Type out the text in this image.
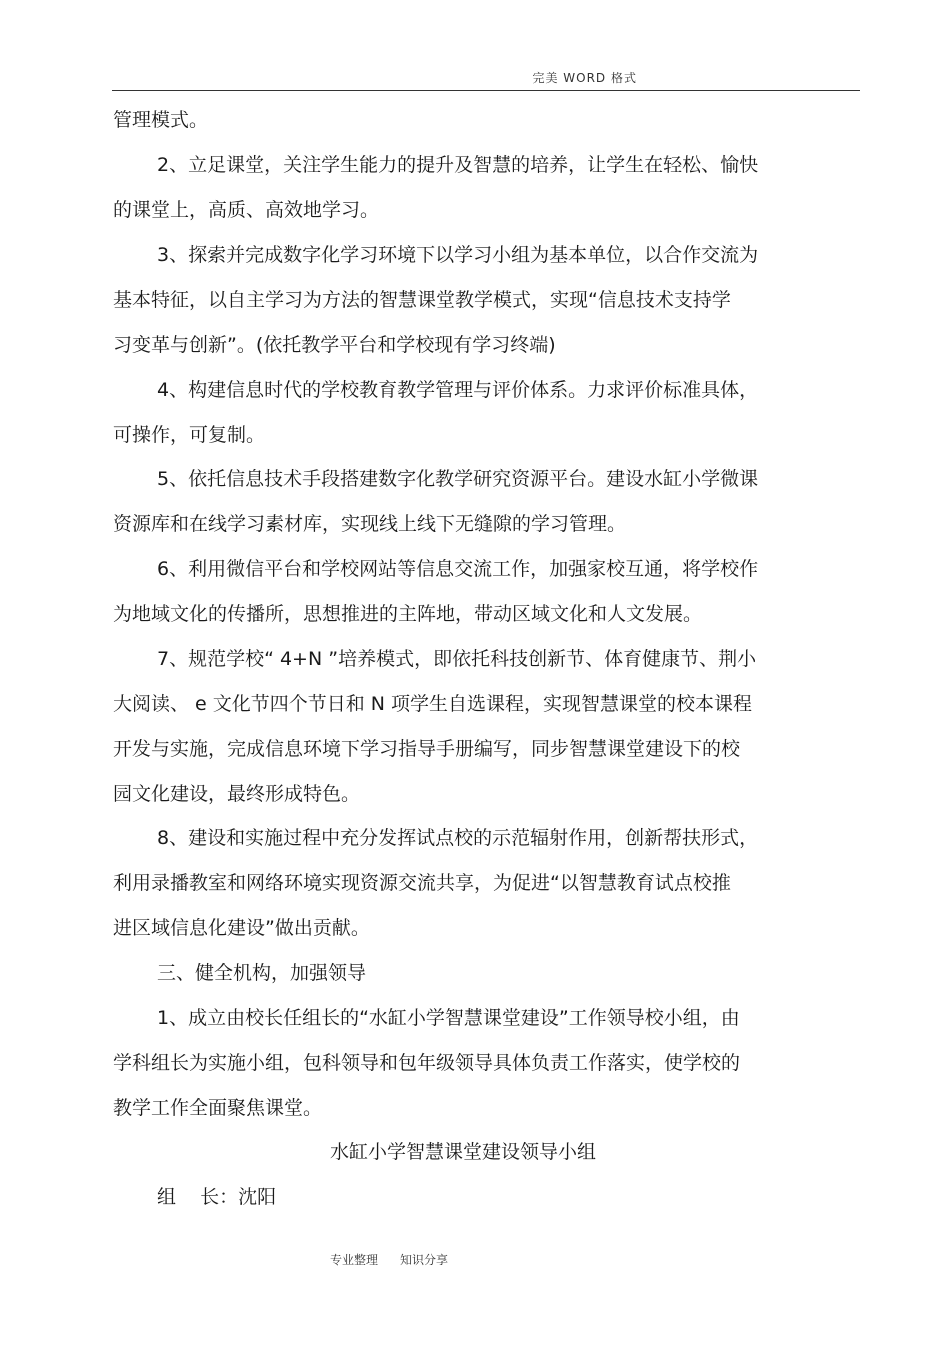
完美 WORD 格式
管理模式。
2、立足课堂，关注学生能力的提升及智慧的培养，让学生在轻松、愉快
的课堂上，高质、高效地学习。
3、探索并完成数字化学习环境下以学习小组为基本单位，以合作交流为
基本特征，以自主学习为方法的智慧课堂教学模式，实现“信息技术支持学
习变革与创新”。(依托教学平台和学校现有学习终端)
4、构建信息时代的学校教育教学管理与评价体系。力求评价标准具体，
可操作，可复制。
5、依托信息技术手段搭建数字化教学研究资源平台。建设水缸小学微课
资源库和在线学习素材库，实现线上线下无缝隙的学习管理。
6、利用微信平台和学校网站等信息交流工作，加强家校互通，将学校作
为地域文化的传播所，思想推进的主阵地，带动区域文化和人文发展。
7、规范学校“ 4+N ”培养模式，即依托科技创新节、体育健康节、荆小
大阅读、 e 文化节四个节日和 N 项学生自选课程，实现智慧课堂的校本课程
开发与实施，完成信息环境下学习指导手册编写，同步智慧课堂建设下的校
园文化建设，最终形成特色。
8、建设和实施过程中充分发挥试点校的示范辐射作用，创新帮扶形式，
利用录播教室和网络环境实现资源交流共享，为促进“以智慧教育试点校推
进区域信息化建设”做出贡献。
三、健全机构，加强领导
1、成立由校长任组长的“水缸小学智慧课堂建设”工作领导校小组，由
学科组长为实施小组，包科领导和包年级领导具体负责工作落实，使学校的
教学工作全面聚焦课堂。
水缸小学智慧课堂建设领导小组
组    长：沈阳
专业整理 知识分享
